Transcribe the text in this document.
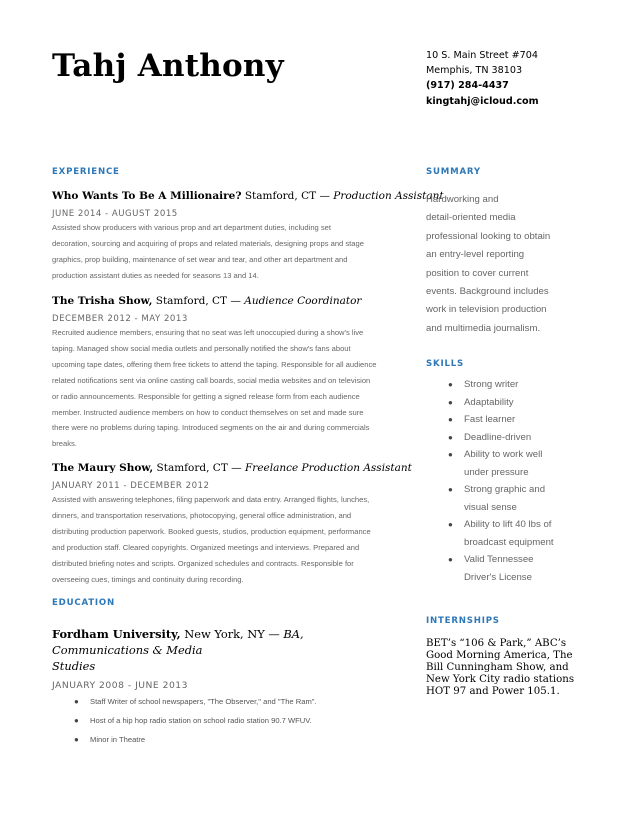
Tahj Anthony	10 S. Main Street #704
Memphis, TN 38103
(917) 284-4437
kingtahj@icloud.com
EXPERIENCE
Who Wants To Be A Millionaire? Stamford, CT — Production Assistant
JUNE 2014 - AUGUST 2015
Assisted show producers with various prop and art department duties, including set
decoration, sourcing and acquiring of props and related materials, designing props and stage
graphics, prop building, maintenance of set wear and tear, and other art department and
production assistant duties as needed for seasons 13 and 14.
The Trisha Show, Stamford, CT — Audience Coordinator
DECEMBER 2012 - MAY 2013
Recruited audience members, ensuring that no seat was left unoccupied during a show's live
taping. Managed show social media outlets and personally notified the show's fans about
upcoming tape dates, offering them free tickets to attend the taping. Responsible for all audience
related notifications sent via online casting call boards, social media websites and on television
or radio announcements. Responsible for getting a signed release form from each audience
member. Instructed audience members on how to conduct themselves on set and made sure
there were no problems during taping. Introduced segments on the air and during commercials
breaks.
The Maury Show, Stamford, CT — Freelance Production Assistant
JANUARY 2011 - DECEMBER 2012
Assisted with answering telephones, filing paperwork and data entry. Arranged flights, lunches,
dinners, and transportation reservations, photocopying, general office administration, and
distributing production paperwork. Booked guests, studios, production equipment, performance
and production staff. Cleared copyrights. Organized meetings and interviews. Prepared and
distributed briefing notes and scripts. Organized schedules and contracts. Responsible for
overseeing cues, timings and continuity during recording.
EDUCATION
Fordham University, New York, NY — BA, Communications & Media
Studies
JANUARY 2008 - JUNE 2013
● Staff Writer of school newspapers, "The Observer," and "The Ram".
● Host of a hip hop radio station on school radio station 90.7 WFUV.
● Minor in Theatre
SUMMARY
Hardworking and
detail-oriented media
professional looking to obtain
an entry-level reporting
position to cover current
events. Background includes
work in television production
and multimedia journalism.
SKILLS
● Strong writer
● Adaptability
● Fast learner
● Deadline-driven
● Ability to work well
under pressure
● Strong graphic and
visual sense
● Ability to lift 40 lbs of
broadcast equipment
● Valid Tennessee
Driver's License
INTERNSHIPS
BET’s “106 & Park,” ABC’s
Good Morning America, The
Bill Cunningham Show, and
New York City radio stations
HOT 97 and Power 105.1.
